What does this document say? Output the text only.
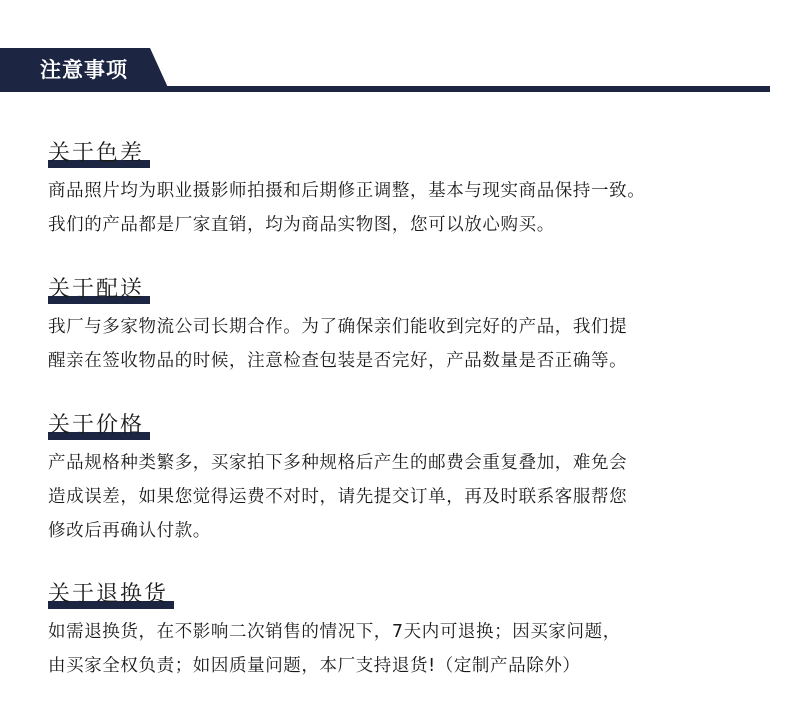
注意事项
关于色差

商品照片均为职业摄影师拍摄和后期修正调整，基本与现实商品保持一致。
我们的产品都是厂家直销，均为商品实物图，您可以放心购买。

关于配送

我厂与多家物流公司长期合作。为了确保亲们能收到完好的产品，我们提
醒亲在签收物品的时候，注意检查包装是否完好，产品数量是否正确等。

关于价格

产品规格种类繁多，买家拍下多种规格后产生的邮费会重复叠加，难免会
造成误差，如果您觉得运费不对时，请先提交订单，再及时联系客服帮您
修改后再确认付款。

关于退换货

如需退换货，在不影响二次销售的情况下，7天内可退换；因买家问题，
由买家全权负责；如因质量问题，本厂支持退货!（定制产品除外）
